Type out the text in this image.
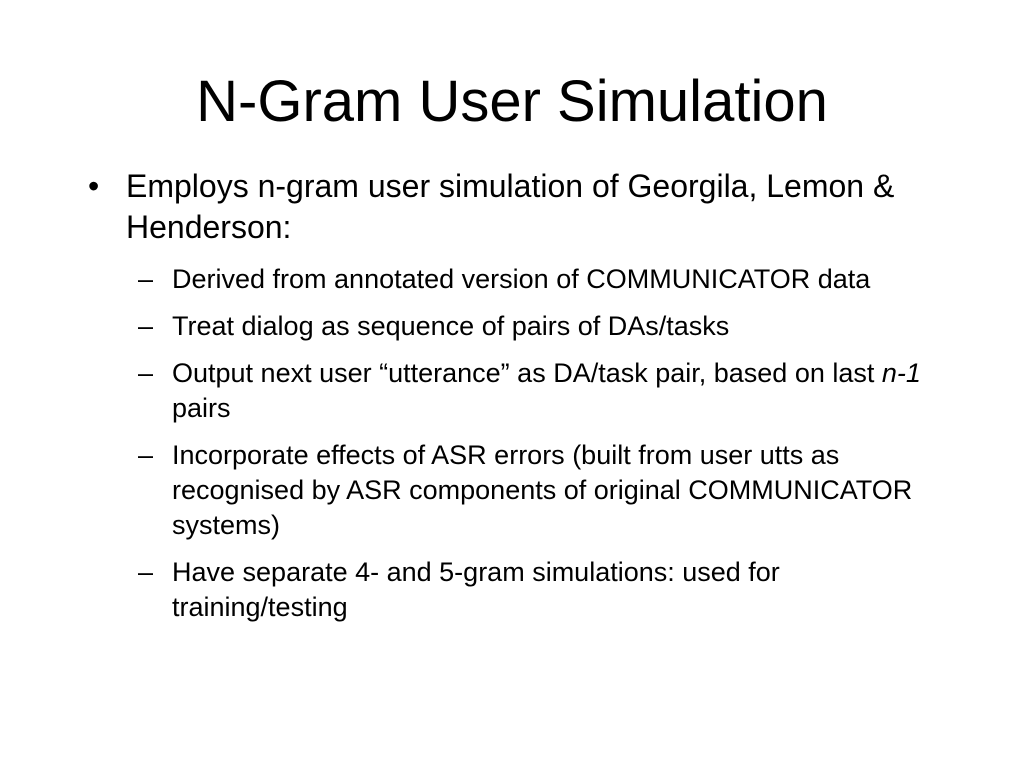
N-Gram User Simulation
• Employs n-gram user simulation of Georgila, Lemon & Henderson:
– Derived from annotated version of COMMUNICATOR data
– Treat dialog as sequence of pairs of DAs/tasks
– Output next user “utterance” as DA/task pair, based on last n-1 pairs
– Incorporate effects of ASR errors (built from user utts as recognised by ASR components of original COMMUNICATOR systems)
– Have separate 4- and 5-gram simulations: used for training/testing
